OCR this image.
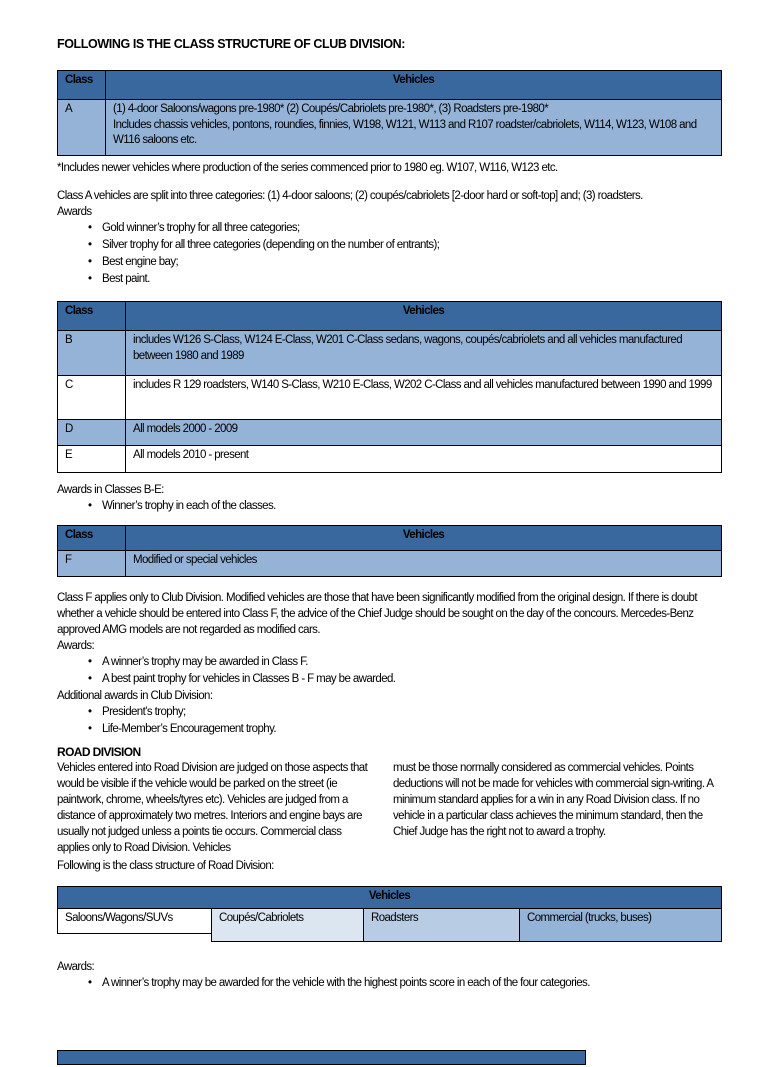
FOLLOWING IS THE CLASS STRUCTURE OF CLUB DIVISION:
Class	Vehicles
A	(1) 4-door Saloons/wagons pre-1980* (2) Coupés/Cabriolets pre-1980*, (3) Roadsters pre-1980*
Includes chassis vehicles, pontons, roundies, finnies, W198, W121, W113 and R107 roadster/cabriolets, W114, W123, W108 and W116 saloons etc.
*Includes newer vehicles where production of the series commenced prior to 1980 eg. W107, W116, W123 etc.
Class A vehicles are split into three categories: (1) 4-door saloons; (2) coupés/cabriolets [2-door hard or soft-top] and; (3) roadsters.
Awards
• Gold winner’s trophy for all three categories;
• Silver trophy for all three categories (depending on the number of entrants);
• Best engine bay;
• Best paint.
Class	Vehicles
B	includes W126 S-Class, W124 E-Class, W201 C-Class sedans, wagons, coupés/cabriolets and all vehicles manufactured between 1980 and 1989
C	includes R 129 roadsters, W140 S-Class, W210 E-Class, W202 C-Class and all vehicles manufactured between 1990 and 1999
D	All models 2000 - 2009
E	All models 2010 - present
Awards in Classes B-E:
• Winner’s trophy in each of the classes.
Class	Vehicles
F	Modified or special vehicles
Class F applies only to Club Division. Modified vehicles are those that have been significantly modified from the original design. If there is doubt whether a vehicle should be entered into Class F, the advice of the Chief Judge should be sought on the day of the concours. Mercedes-Benz approved AMG models are not regarded as modified cars.
Awards:
• A winner’s trophy may be awarded in Class F.
• A best paint trophy for vehicles in Classes B - F may be awarded.
Additional awards in Club Division:
• President’s trophy;
• Life-Member’s Encouragement trophy.
ROAD DIVISION
Vehicles entered into Road Division are judged on those aspects that would be visible if the vehicle would be parked on the street (ie paintwork, chrome, wheels/tyres etc). Vehicles are judged from a distance of approximately two metres. Interiors and engine bays are usually not judged unless a points tie occurs. Commercial class applies only to Road Division. Vehicles
must be those normally considered as commercial vehicles. Points deductions will not be made for vehicles with commercial sign-writing. A minimum standard applies for a win in any Road Division class. If no vehicle in a particular class achieves the minimum standard, then the Chief Judge has the right not to award a trophy.
Following is the class structure of Road Division:
Vehicles
Saloons/Wagons/SUVs	Coupés/Cabriolets	Roadsters	Commercial (trucks, buses)
Awards:
• A winner’s trophy may be awarded for the vehicle with the highest points score in each of the four categories.
